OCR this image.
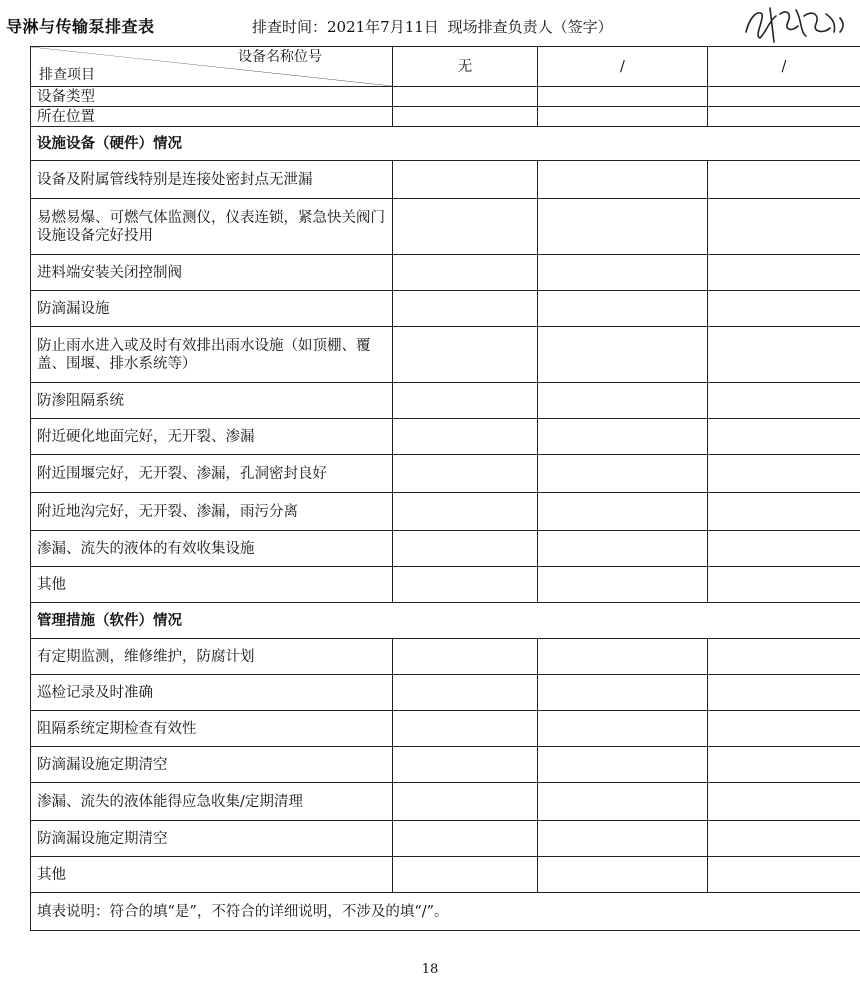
导淋与传输泵排查表	排查时间：2021年7月11日 现场排查负责人（签字）
设备名称位号
排查项目	无	/	/
设备类型			
所在位置			
设施设备（硬件）情况			
设备及附属管线特别是连接处密封点无泄漏			
易燃易爆、可燃气体监测仪，仪表连锁，紧急快关阀门设施设备完好投用			
进料端安装关闭控制阀			
防滴漏设施			
防止雨水进入或及时有效排出雨水设施（如顶棚、覆盖、围堰、排水系统等）			
防渗阻隔系统			
附近硬化地面完好，无开裂、渗漏			
附近围堰完好，无开裂、渗漏，孔洞密封良好			
附近地沟完好，无开裂、渗漏，雨污分离			
渗漏、流失的液体的有效收集设施			
其他			
管理措施（软件）情况			
有定期监测，维修维护，防腐计划			
巡检记录及时准确			
阻隔系统定期检查有效性			
防滴漏设施定期清空			
渗漏、流失的液体能得应急收集/定期清理			
防滴漏设施定期清空			
其他			
填表说明：符合的填“是”，不符合的详细说明，不涉及的填“/”。			
18
